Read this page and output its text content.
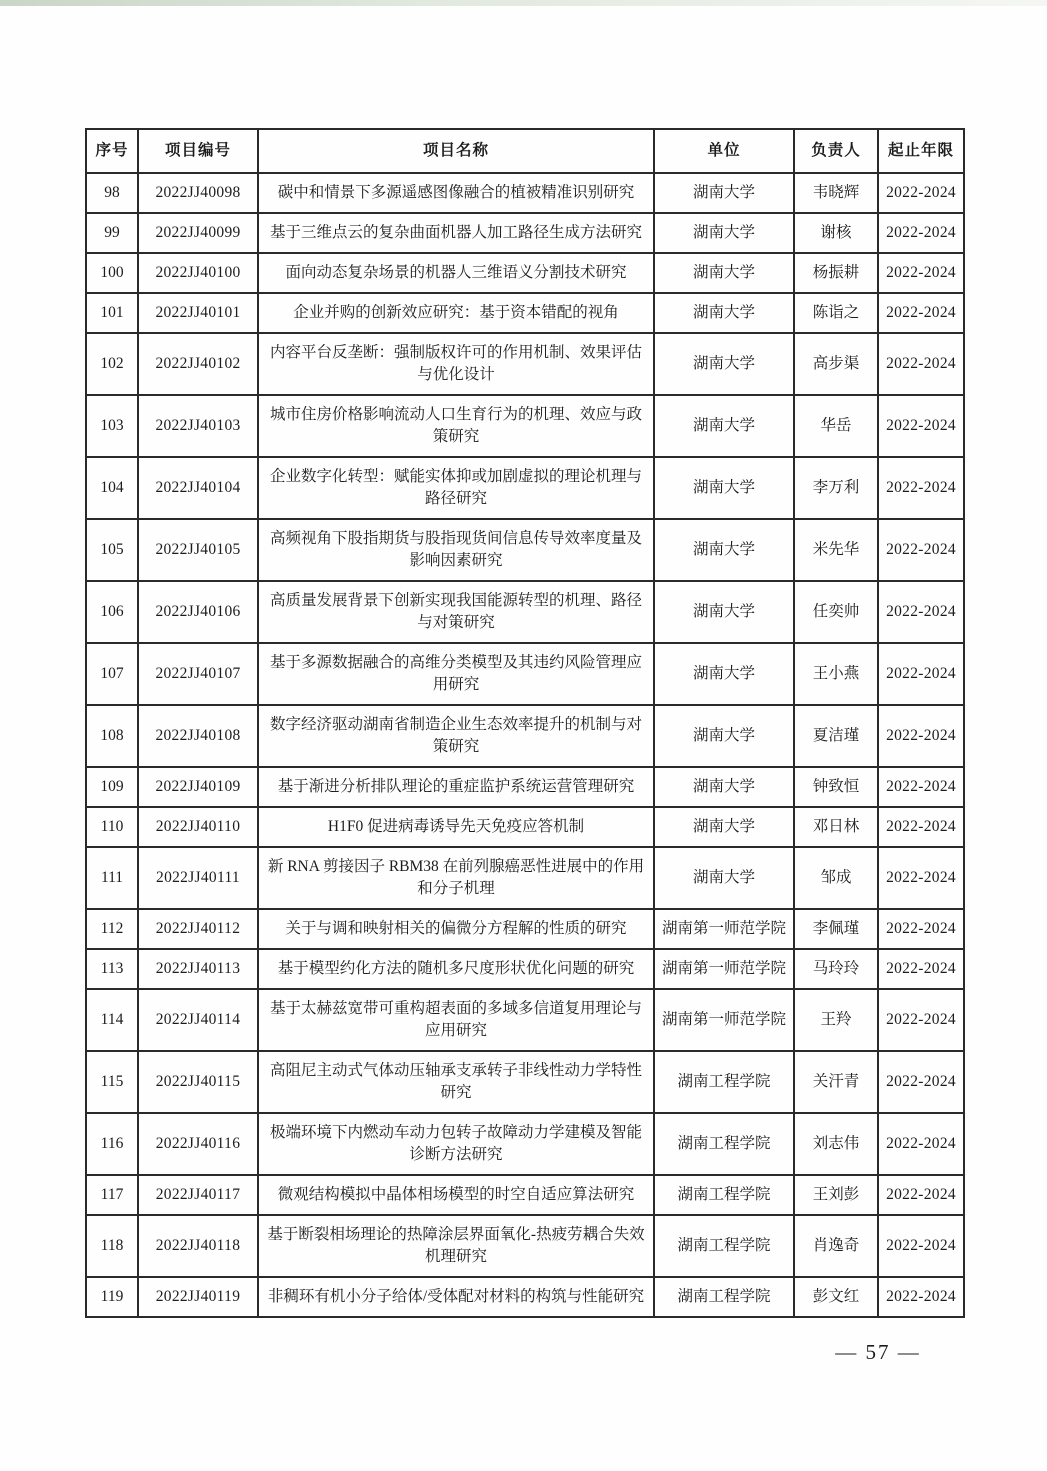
序号	项目编号	项目名称	单位	负责人	起止年限
98	2022JJ40098	碳中和情景下多源遥感图像融合的植被精准识别研究	湖南大学	韦晓辉	2022-2024
99	2022JJ40099	基于三维点云的复杂曲面机器人加工路径生成方法研究	湖南大学	谢核	2022-2024
100	2022JJ40100	面向动态复杂场景的机器人三维语义分割技术研究	湖南大学	杨振耕	2022-2024
101	2022JJ40101	企业并购的创新效应研究：基于资本错配的视角	湖南大学	陈诣之	2022-2024
102	2022JJ40102	内容平台反垄断：强制版权许可的作用机制、效果评估与优化设计	湖南大学	高步渠	2022-2024
103	2022JJ40103	城市住房价格影响流动人口生育行为的机理、效应与政策研究	湖南大学	华岳	2022-2024
104	2022JJ40104	企业数字化转型：赋能实体抑或加剧虚拟的理论机理与路径研究	湖南大学	李万利	2022-2024
105	2022JJ40105	高频视角下股指期货与股指现货间信息传导效率度量及影响因素研究	湖南大学	米先华	2022-2024
106	2022JJ40106	高质量发展背景下创新实现我国能源转型的机理、路径与对策研究	湖南大学	任奕帅	2022-2024
107	2022JJ40107	基于多源数据融合的高维分类模型及其违约风险管理应用研究	湖南大学	王小燕	2022-2024
108	2022JJ40108	数字经济驱动湖南省制造企业生态效率提升的机制与对策研究	湖南大学	夏洁瑾	2022-2024
109	2022JJ40109	基于渐进分析排队理论的重症监护系统运营管理研究	湖南大学	钟致恒	2022-2024
110	2022JJ40110	H1F0 促进病毒诱导先天免疫应答机制	湖南大学	邓日林	2022-2024
111	2022JJ40111	新 RNA 剪接因子 RBM38 在前列腺癌恶性进展中的作用和分子机理	湖南大学	邹成	2022-2024
112	2022JJ40112	关于与调和映射相关的偏微分方程解的性质的研究	湖南第一师范学院	李佩瑾	2022-2024
113	2022JJ40113	基于模型约化方法的随机多尺度形状优化问题的研究	湖南第一师范学院	马玲玲	2022-2024
114	2022JJ40114	基于太赫兹宽带可重构超表面的多域多信道复用理论与应用研究	湖南第一师范学院	王羚	2022-2024
115	2022JJ40115	高阻尼主动式气体动压轴承支承转子非线性动力学特性研究	湖南工程学院	关汗青	2022-2024
116	2022JJ40116	极端环境下内燃动车动力包转子故障动力学建模及智能诊断方法研究	湖南工程学院	刘志伟	2022-2024
117	2022JJ40117	微观结构模拟中晶体相场模型的时空自适应算法研究	湖南工程学院	王刘彭	2022-2024
118	2022JJ40118	基于断裂相场理论的热障涂层界面氧化-热疲劳耦合失效机理研究	湖南工程学院	肖逸奇	2022-2024
119	2022JJ40119	非稠环有机小分子给体/受体配对材料的构筑与性能研究	湖南工程学院	彭文红	2022-2024
— 57 —
